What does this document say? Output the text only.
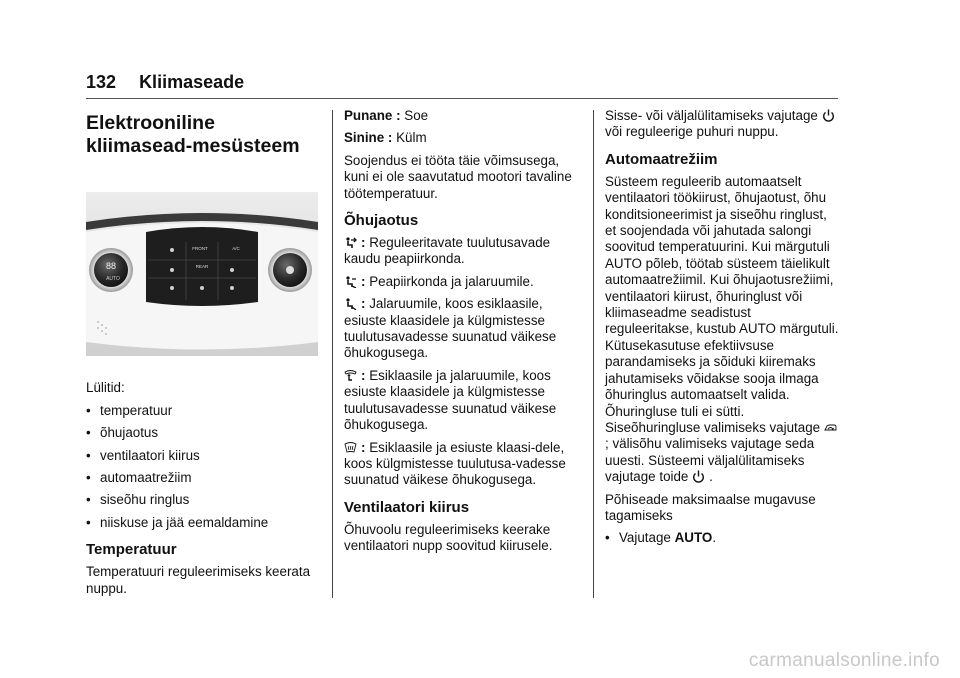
132 Kliimaseade
Elektrooniline kliimasead-mesüsteem
88
AUTO
FRONT
REAR
A/C

Lülitid:

• temperatuur
• õhujaotus
• ventilaatori kiirus
• automaatrežiim
• siseõhu ringlus
• niiskuse ja jää eemaldamine
Temperatuur

Temperatuuri reguleerimiseks keerata nuppu.

Punane : Soe

Sinine : Külm

Soojendus ei tööta täie võimsusega, kuni ei ole saavutatud mootori tavaline töötemperatuur.

Õhujaotus

: Reguleeritavate tuulutusavade kaudu peapiirkonda.

: Peapiirkonda ja jalaruumile.

: Jalaruumile, koos esiklaasile, esiuste klaasidele ja külgmistesse tuulutusavadesse suunatud väikese õhukogusega.

: Esiklaasile ja jalaruumile, koos esiuste klaasidele ja külgmistesse tuulutusavadesse suunatud väikese õhukogusega.

: Esiklaasile ja esiuste klaasi-dele, koos külgmistesse tuulutusa-vadesse suunatud väikese õhukogusega.

Ventilaatori kiirus

Õhuvoolu reguleerimiseks keerake ventilaatori nupp soovitud kiirusele.

Sisse- või väljalülitamiseks vajutage
või reguleerige puhuri nuppu.

Automaatrežiim

Süsteem reguleerib automaatselt ventilaatori töökiirust, õhujaotust, õhu konditsioneerimist ja siseõhu ringlust, et soojendada või jahutada salongi soovitud temperatuurini. Kui märgutuli AUTO põleb, töötab süsteem täielikult automaatrežiimil. Kui õhujaotusrežiimi, ventilaatori kiirust, õhuringlust või kliimaseadme seadistust reguleeritakse, kustub AUTO märgutuli. Kütusekasutuse efektiivsuse parandamiseks ja sõiduki kiiremaks jahutamiseks võidakse sooja ilmaga õhuringlus automaatselt valida. Õhuringluse tuli ei sütti. Siseõhuringluse valimiseks vajutage
; välisõhu valimiseks vajutage seda uuesti. Süsteemi väljalülitamiseks vajutage toide .

Põhiseade maksimaalse mugavuse tagamiseks

• Vajutage AUTO.
carmanualsonline.info
